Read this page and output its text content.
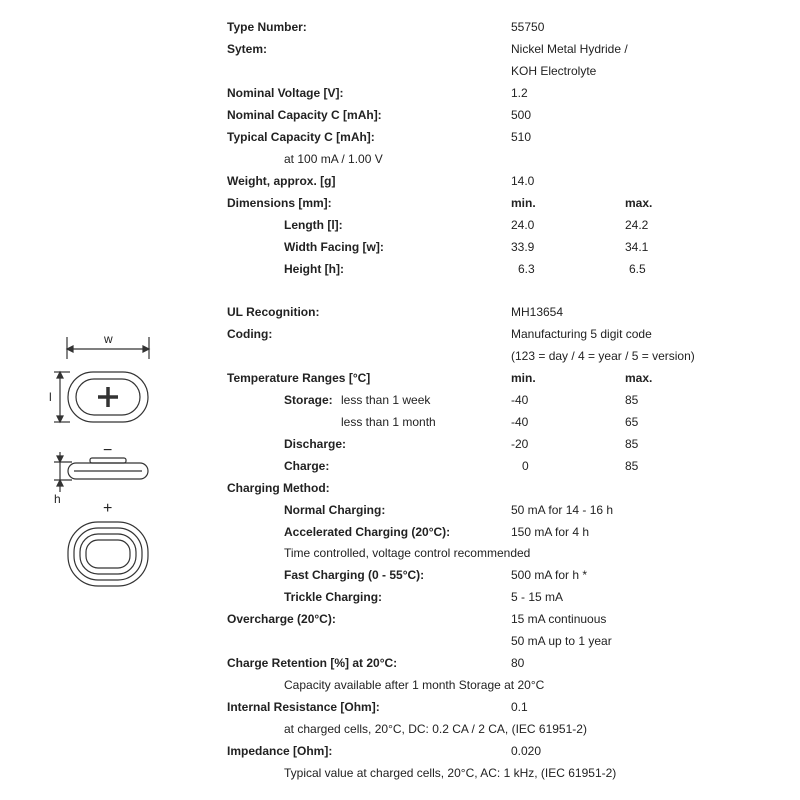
Type Number:	55750
Sytem:	Nickel Metal Hydride /
KOH Electrolyte
Nominal Voltage [V]:	1.2
Nominal Capacity C [mAh]:	500
Typical Capacity C [mAh]:	510
at 100 mA / 1.00 V
Weight, approx. [g]	14.0
Dimensions [mm]:	min.	max.
Length [l]:	24.0	24.2
Width Facing [w]:	33.9	34.1
Height [h]:	6.3	6.5
UL Recognition:	MH13654
Coding:	Manufacturing 5 digit code
(123 = day / 4 = year / 5 = version)
Temperature Ranges [°C]	min.	max.
Storage: less than 1 week	-40	85
less than 1 month	-40	65
Discharge:	-20	85
Charge:	0	85
Charging Method:
Normal Charging:	50 mA for 14 - 16 h
Accelerated Charging (20°C):	150 mA for 4 h
Time controlled, voltage control recommended
Fast Charging (0 - 55°C):	500 mA for h *
Trickle Charging:	5 - 15 mA
Overcharge (20°C):	15 mA continuous
50 mA up to 1 year
Charge Retention [%] at 20°C:	80
Capacity available after 1 month Storage at 20°C
Internal Resistance [Ohm]:	0.1
at charged cells, 20°C, DC: 0.2 CA / 2 CA, (IEC 61951-2)
Impedance [Ohm]:	0.020
Typical value at charged cells, 20°C, AC: 1 kHz, (IEC 61951-2)
w
l
h
−
+
